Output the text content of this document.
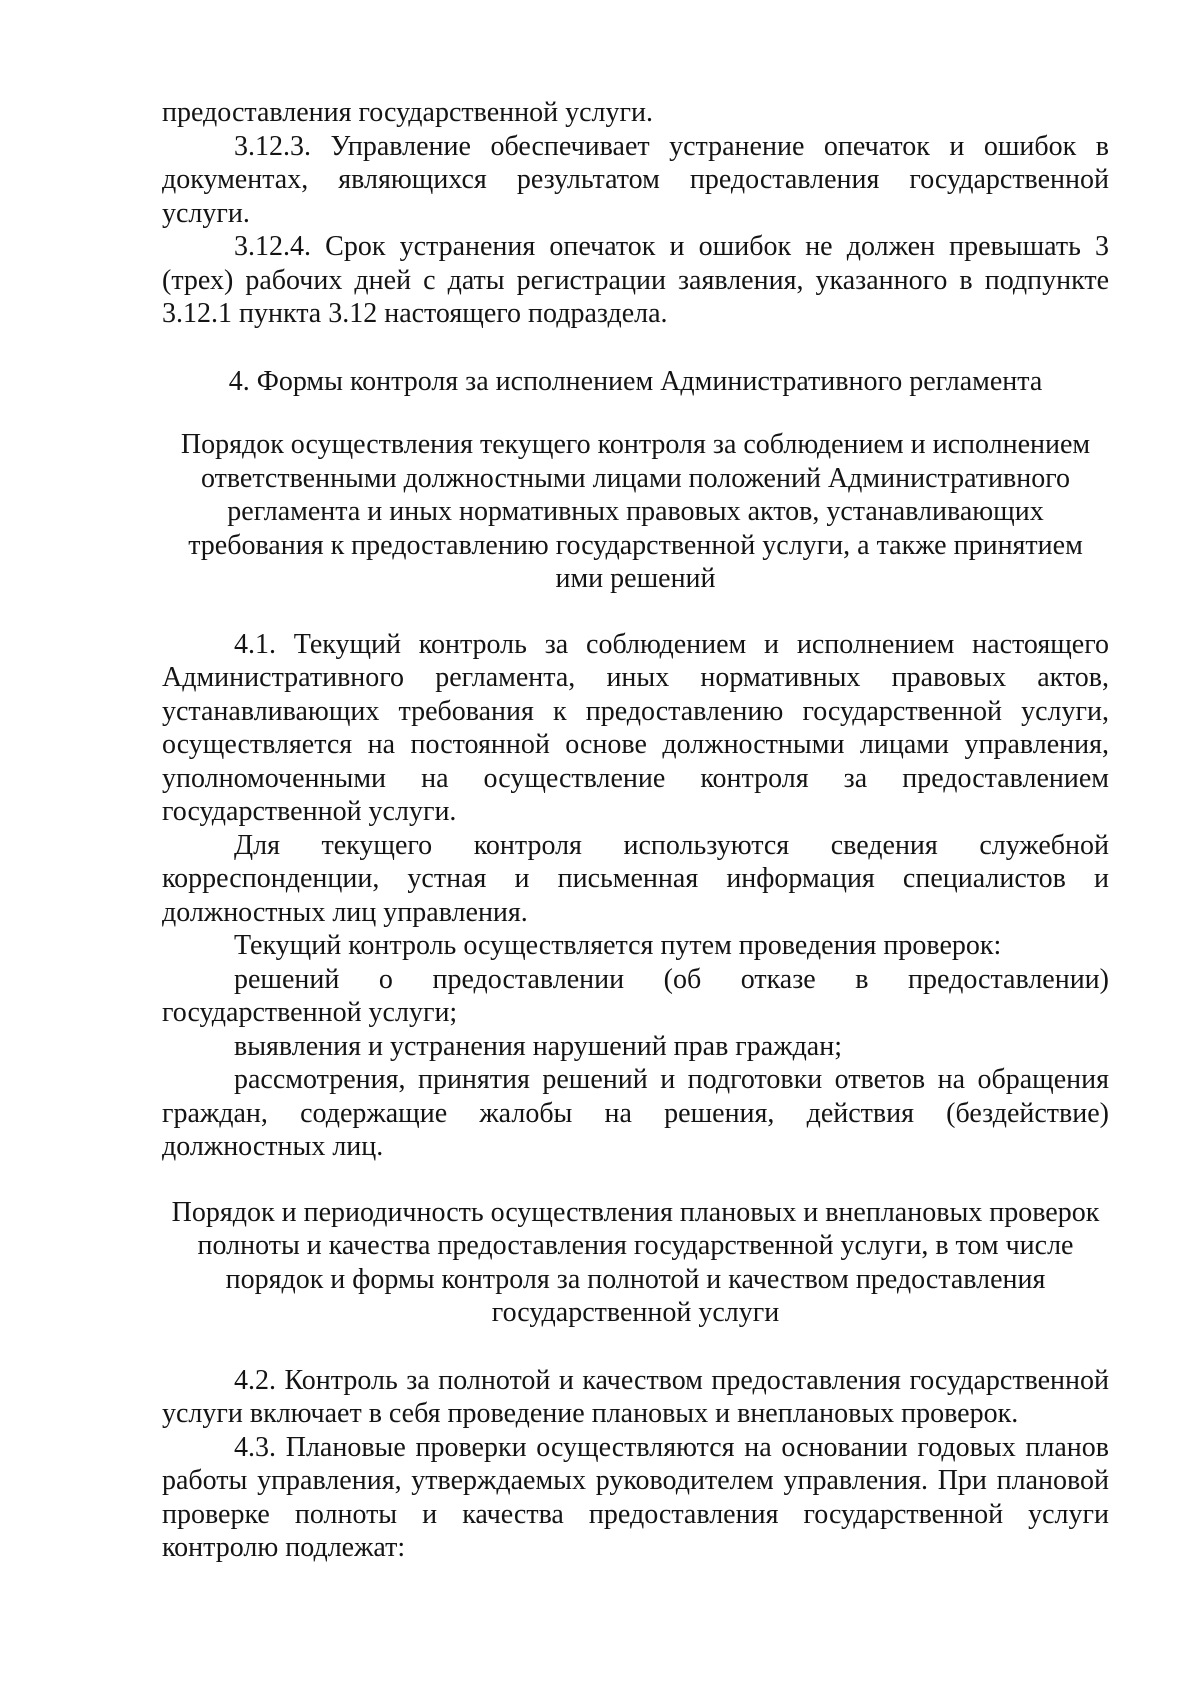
предоставления государственной услуги.

3.12.3. Управление обеспечивает устранение опечаток и ошибок в документах, являющихся результатом предоставления государственной услуги.

3.12.4. Срок устранения опечаток и ошибок не должен превышать 3 (трех) рабочих дней с даты регистрации заявления, указанного в подпункте 3.12.1 пункта 3.12 настоящего подраздела.

4. Формы контроля за исполнением Административного регламента

Порядок осуществления текущего контроля за соблюдением и исполнением ответственными должностными лицами положений Административного регламента и иных нормативных правовых актов, устанавливающих требования к предоставлению государственной услуги, а также принятием ими решений

4.1. Текущий контроль за соблюдением и исполнением настоящего Административного регламента, иных нормативных правовых актов, устанавливающих требования к предоставлению государственной услуги, осуществляется на постоянной основе должностными лицами управления, уполномоченными на осуществление контроля за предоставлением государственной услуги.

Для текущего контроля используются сведения служебной корреспонденции, устная и письменная информация специалистов и должностных лиц управления.

Текущий контроль осуществляется путем проведения проверок:

решений о предоставлении (об отказе в предоставлении) государственной услуги;

выявления и устранения нарушений прав граждан;

рассмотрения, принятия решений и подготовки ответов на обращения граждан, содержащие жалобы на решения, действия (бездействие) должностных лиц.

Порядок и периодичность осуществления плановых и внеплановых проверок полноты и качества предоставления государственной услуги, в том числе порядок и формы контроля за полнотой и качеством предоставления государственной услуги

4.2. Контроль за полнотой и качеством предоставления государственной услуги включает в себя проведение плановых и внеплановых проверок.

4.3. Плановые проверки осуществляются на основании годовых планов работы управления, утверждаемых руководителем управления. При плановой проверке полноты и качества предоставления государственной услуги контролю подлежат:
